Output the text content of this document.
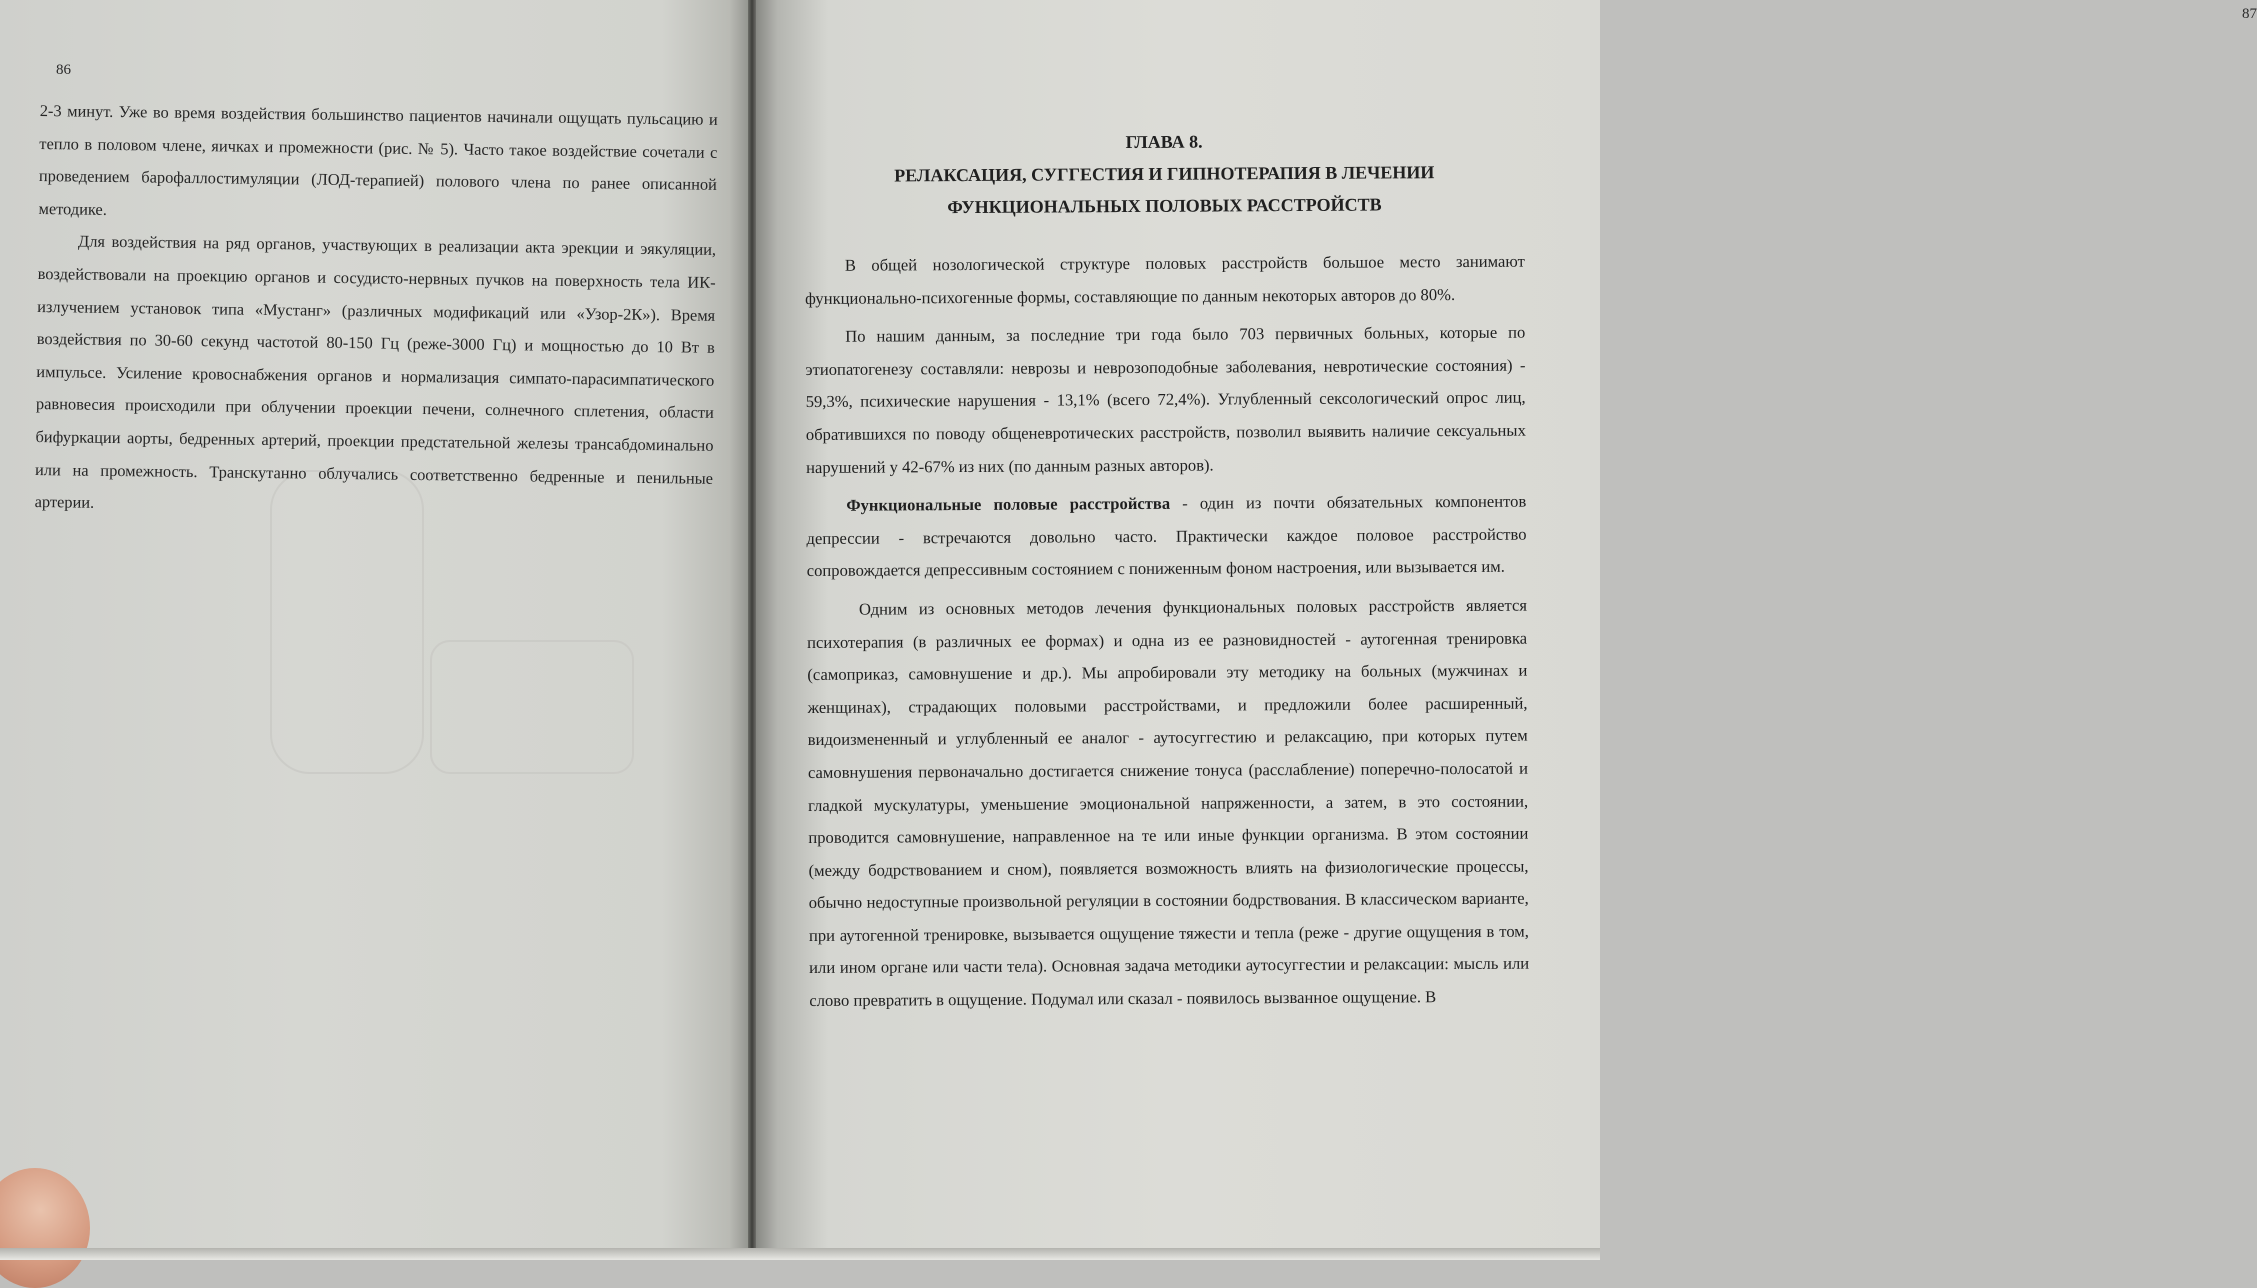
86

2-3 минут. Уже во время воздействия большинство пациентов начинали ощущать пульсацию и тепло в половом члене, яичках и промежности (рис. № 5). Часто такое воздействие сочетали с проведением барофаллостимуляции (ЛОД-терапией) полового члена по ранее описанной методике.

Для воздействия на ряд органов, участвующих в реализации акта эрекции и эякуляции, воздействовали на проекцию органов и сосудисто-нервных пучков на поверхность тела ИК-излучением установок типа «Мустанг» (различных модификаций или «Узор-2К»). Время воздействия по 30-60 секунд частотой 80-150 Гц (реже-3000 Гц) и мощностью до 10 Вт в импульсе. Усиление кровоснабжения органов и нормализация симпато-парасимпатического равновесия происходили при облучении проекции печени, солнечного сплетения, области бифуркации аорты, бедренных артерий, проекции предстательной железы трансабдоминально или на промежность. Транскутанно облучались соответственно бедренные и пенильные артерии.

87

ГЛАВА 8.

РЕЛАКСАЦИЯ, СУГГЕСТИЯ И ГИПНОТЕРАПИЯ В ЛЕЧЕНИИ

ФУНКЦИОНАЛЬНЫХ ПОЛОВЫХ РАССТРОЙСТВ

В общей нозологической структуре половых расстройств большое место занимают функционально-психогенные формы, составляющие по данным некоторых авторов до 80%.

По нашим данным, за последние три года было 703 первичных больных, которые по этиопатогенезу составляли: неврозы и неврозоподобные заболевания, невротические состояния) - 59,3%, психические нарушения - 13,1% (всего 72,4%). Углубленный сексологический опрос лиц, обратившихся по поводу общеневротических расстройств, позволил выявить наличие сексуальных нарушений у 42-67% из них (по данным разных авторов).

Функциональные половые расстройства - один из почти обязательных компонентов депрессии - встречаются довольно часто. Практически каждое половое расстройство сопровождается депрессивным состоянием с пониженным фоном настроения, или вызывается им.

Одним из основных методов лечения функциональных половых расстройств является психотерапия (в различных ее формах) и одна из ее разновидностей - аутогенная тренировка (самоприказ, самовнушение и др.). Мы апробировали эту методику на больных (мужчинах и женщинах), страдающих половыми расстройствами, и предложили более расширенный, видоизмененный и углубленный ее аналог - аутосуггестию и релаксацию, при которых путем самовнушения первоначально достигается снижение тонуса (расслабление) поперечно-полосатой и гладкой мускулатуры, уменьшение эмоциональной напряженности, а затем, в это состоянии, проводится самовнушение, направленное на те или иные функции организма. В этом состоянии (между бодрствованием и сном), появляется возможность влиять на физиологические процессы, обычно недоступные произвольной регуляции в состоянии бодрствования. В классическом варианте, при аутогенной тренировке, вызывается ощущение тяжести и тепла (реже - другие ощущения в том, или ином органе или части тела). Основная задача методики аутосуггестии и релаксации: мысль или слово превратить в ощущение. Подумал или сказал - появилось вызванное ощущение. В
